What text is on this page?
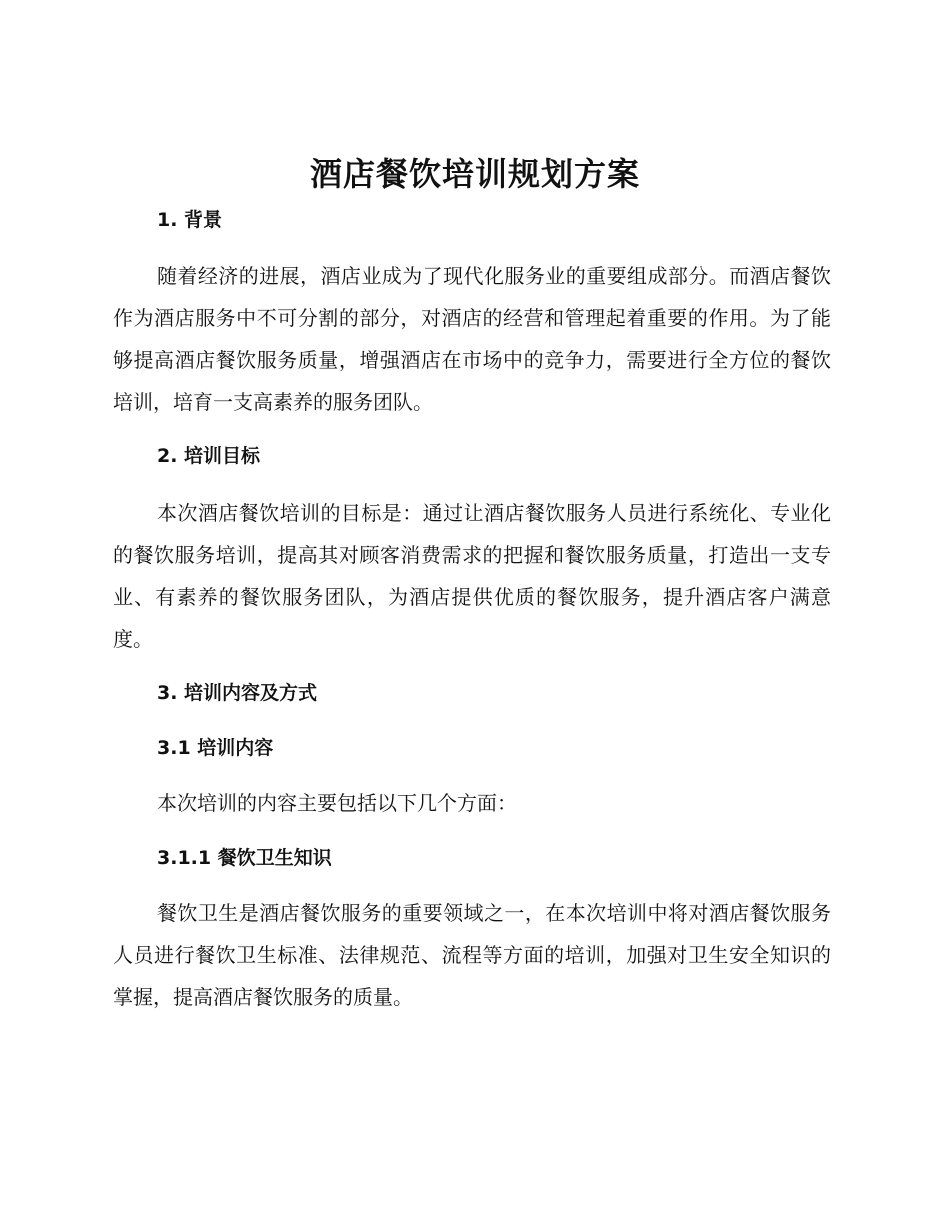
酒店餐饮培训规划方案
1. 背景

随着经济的进展，酒店业成为了现代化服务业的重要组成部分。而酒店餐饮作为酒店服务中不可分割的部分，对酒店的经营和管理起着重要的作用。为了能够提高酒店餐饮服务质量，增强酒店在市场中的竞争力，需要进行全方位的餐饮培训，培育一支高素养的服务团队。

2. 培训目标

本次酒店餐饮培训的目标是：通过让酒店餐饮服务人员进行系统化、专业化的餐饮服务培训，提高其对顾客消费需求的把握和餐饮服务质量，打造出一支专业、有素养的餐饮服务团队，为酒店提供优质的餐饮服务，提升酒店客户满意度。

3. 培训内容及方式
3.1 培训内容

本次培训的内容主要包括以下几个方面：

3.1.1 餐饮卫生知识

餐饮卫生是酒店餐饮服务的重要领域之一，在本次培训中将对酒店餐饮服务人员进行餐饮卫生标准、法律规范、流程等方面的培训，加强对卫生安全知识的掌握，提高酒店餐饮服务的质量。
